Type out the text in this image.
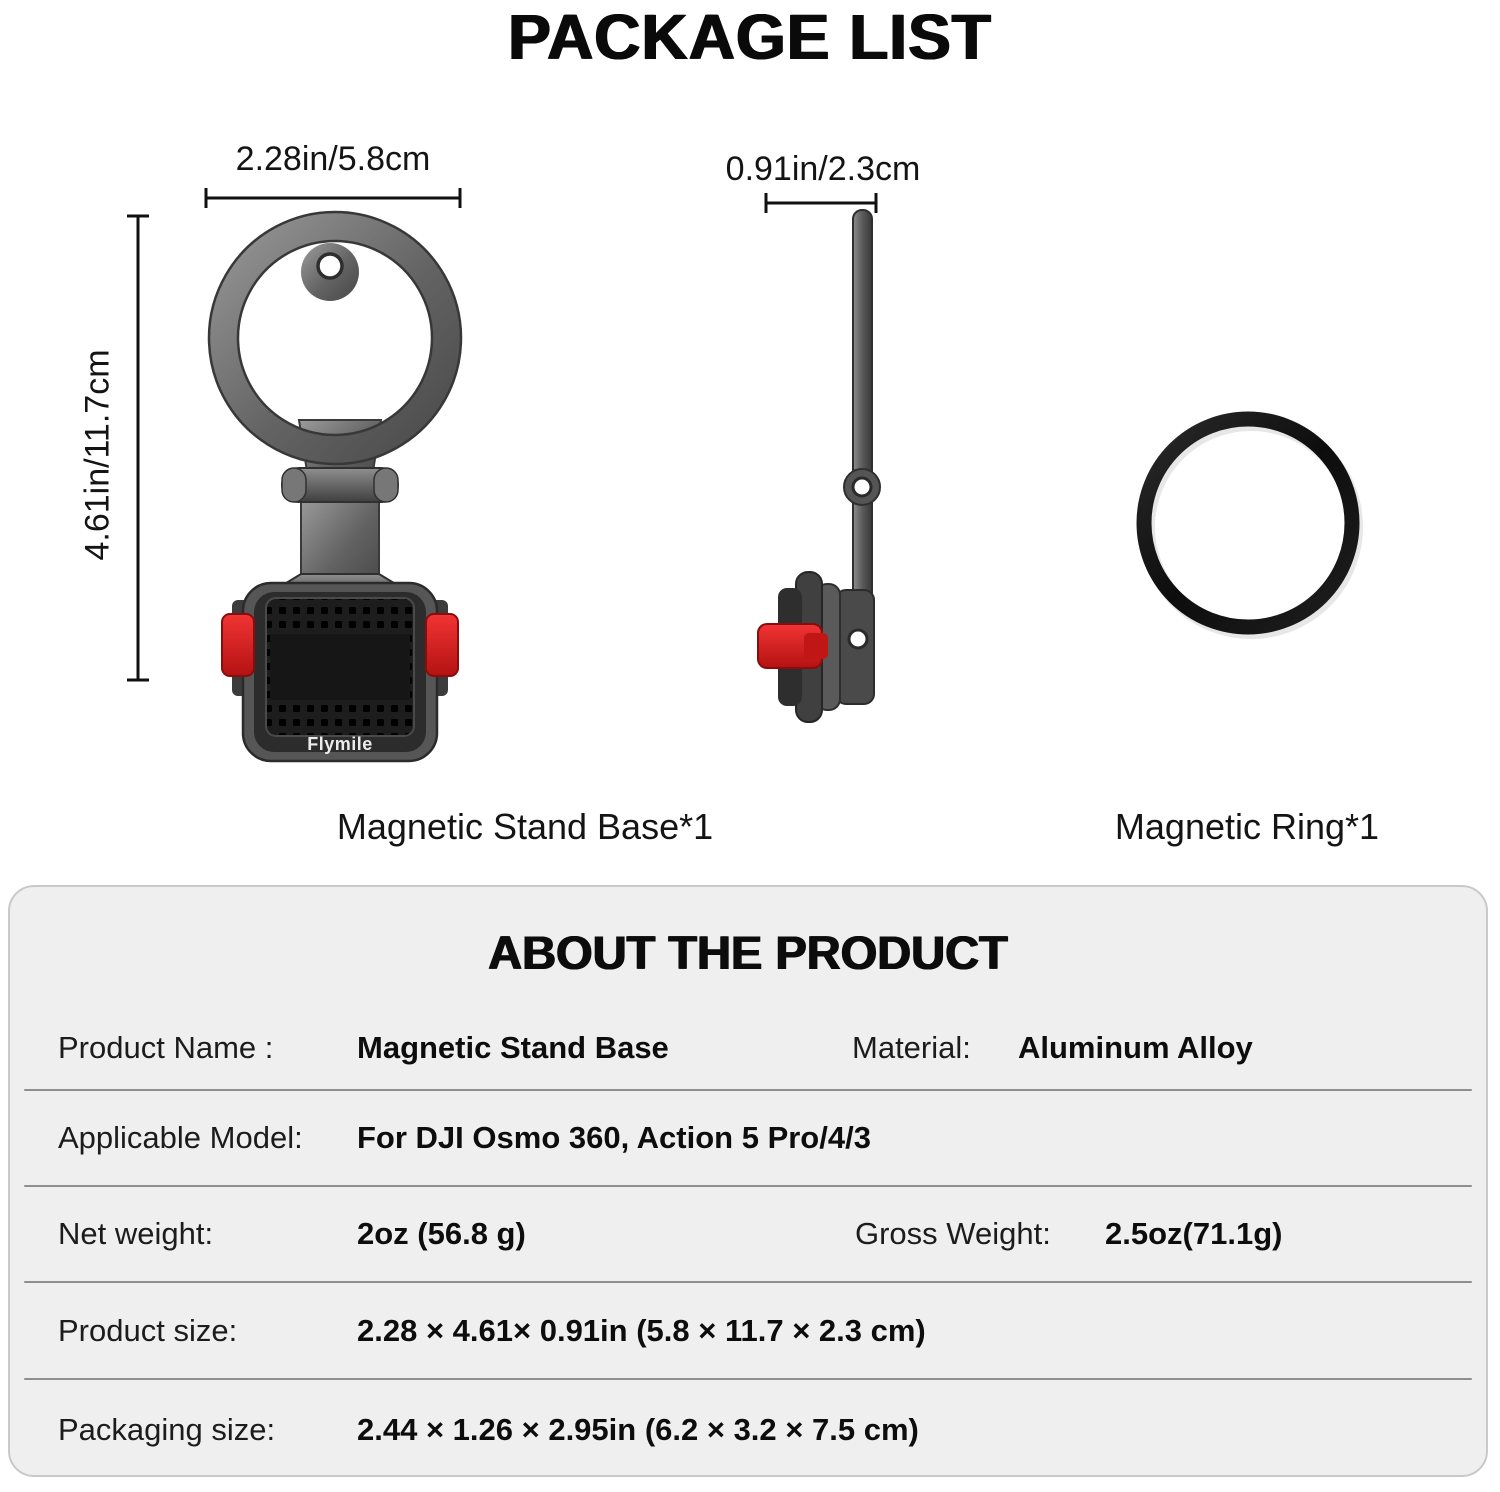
PACKAGE LIST
2.28in/5.8cm	0.91in/2.3cm
4.61in/11.7cm
Flymile
Magnetic Stand Base*1	Magnetic Ring*1
ABOUT THE PRODUCT
Product Name :	Magnetic Stand Base	Material: Aluminum Alloy
Applicable Model: For DJI Osmo 360, Action 5 Pro/4/3
Net weight:	2oz (56.8 g)	Gross Weight: 2.5oz(71.1g)
Product size:	2.28 × 4.61× 0.91in (5.8 × 11.7 × 2.3 cm)
Packaging size:	2.44 × 1.26 × 2.95in (6.2 × 3.2 × 7.5 cm)
